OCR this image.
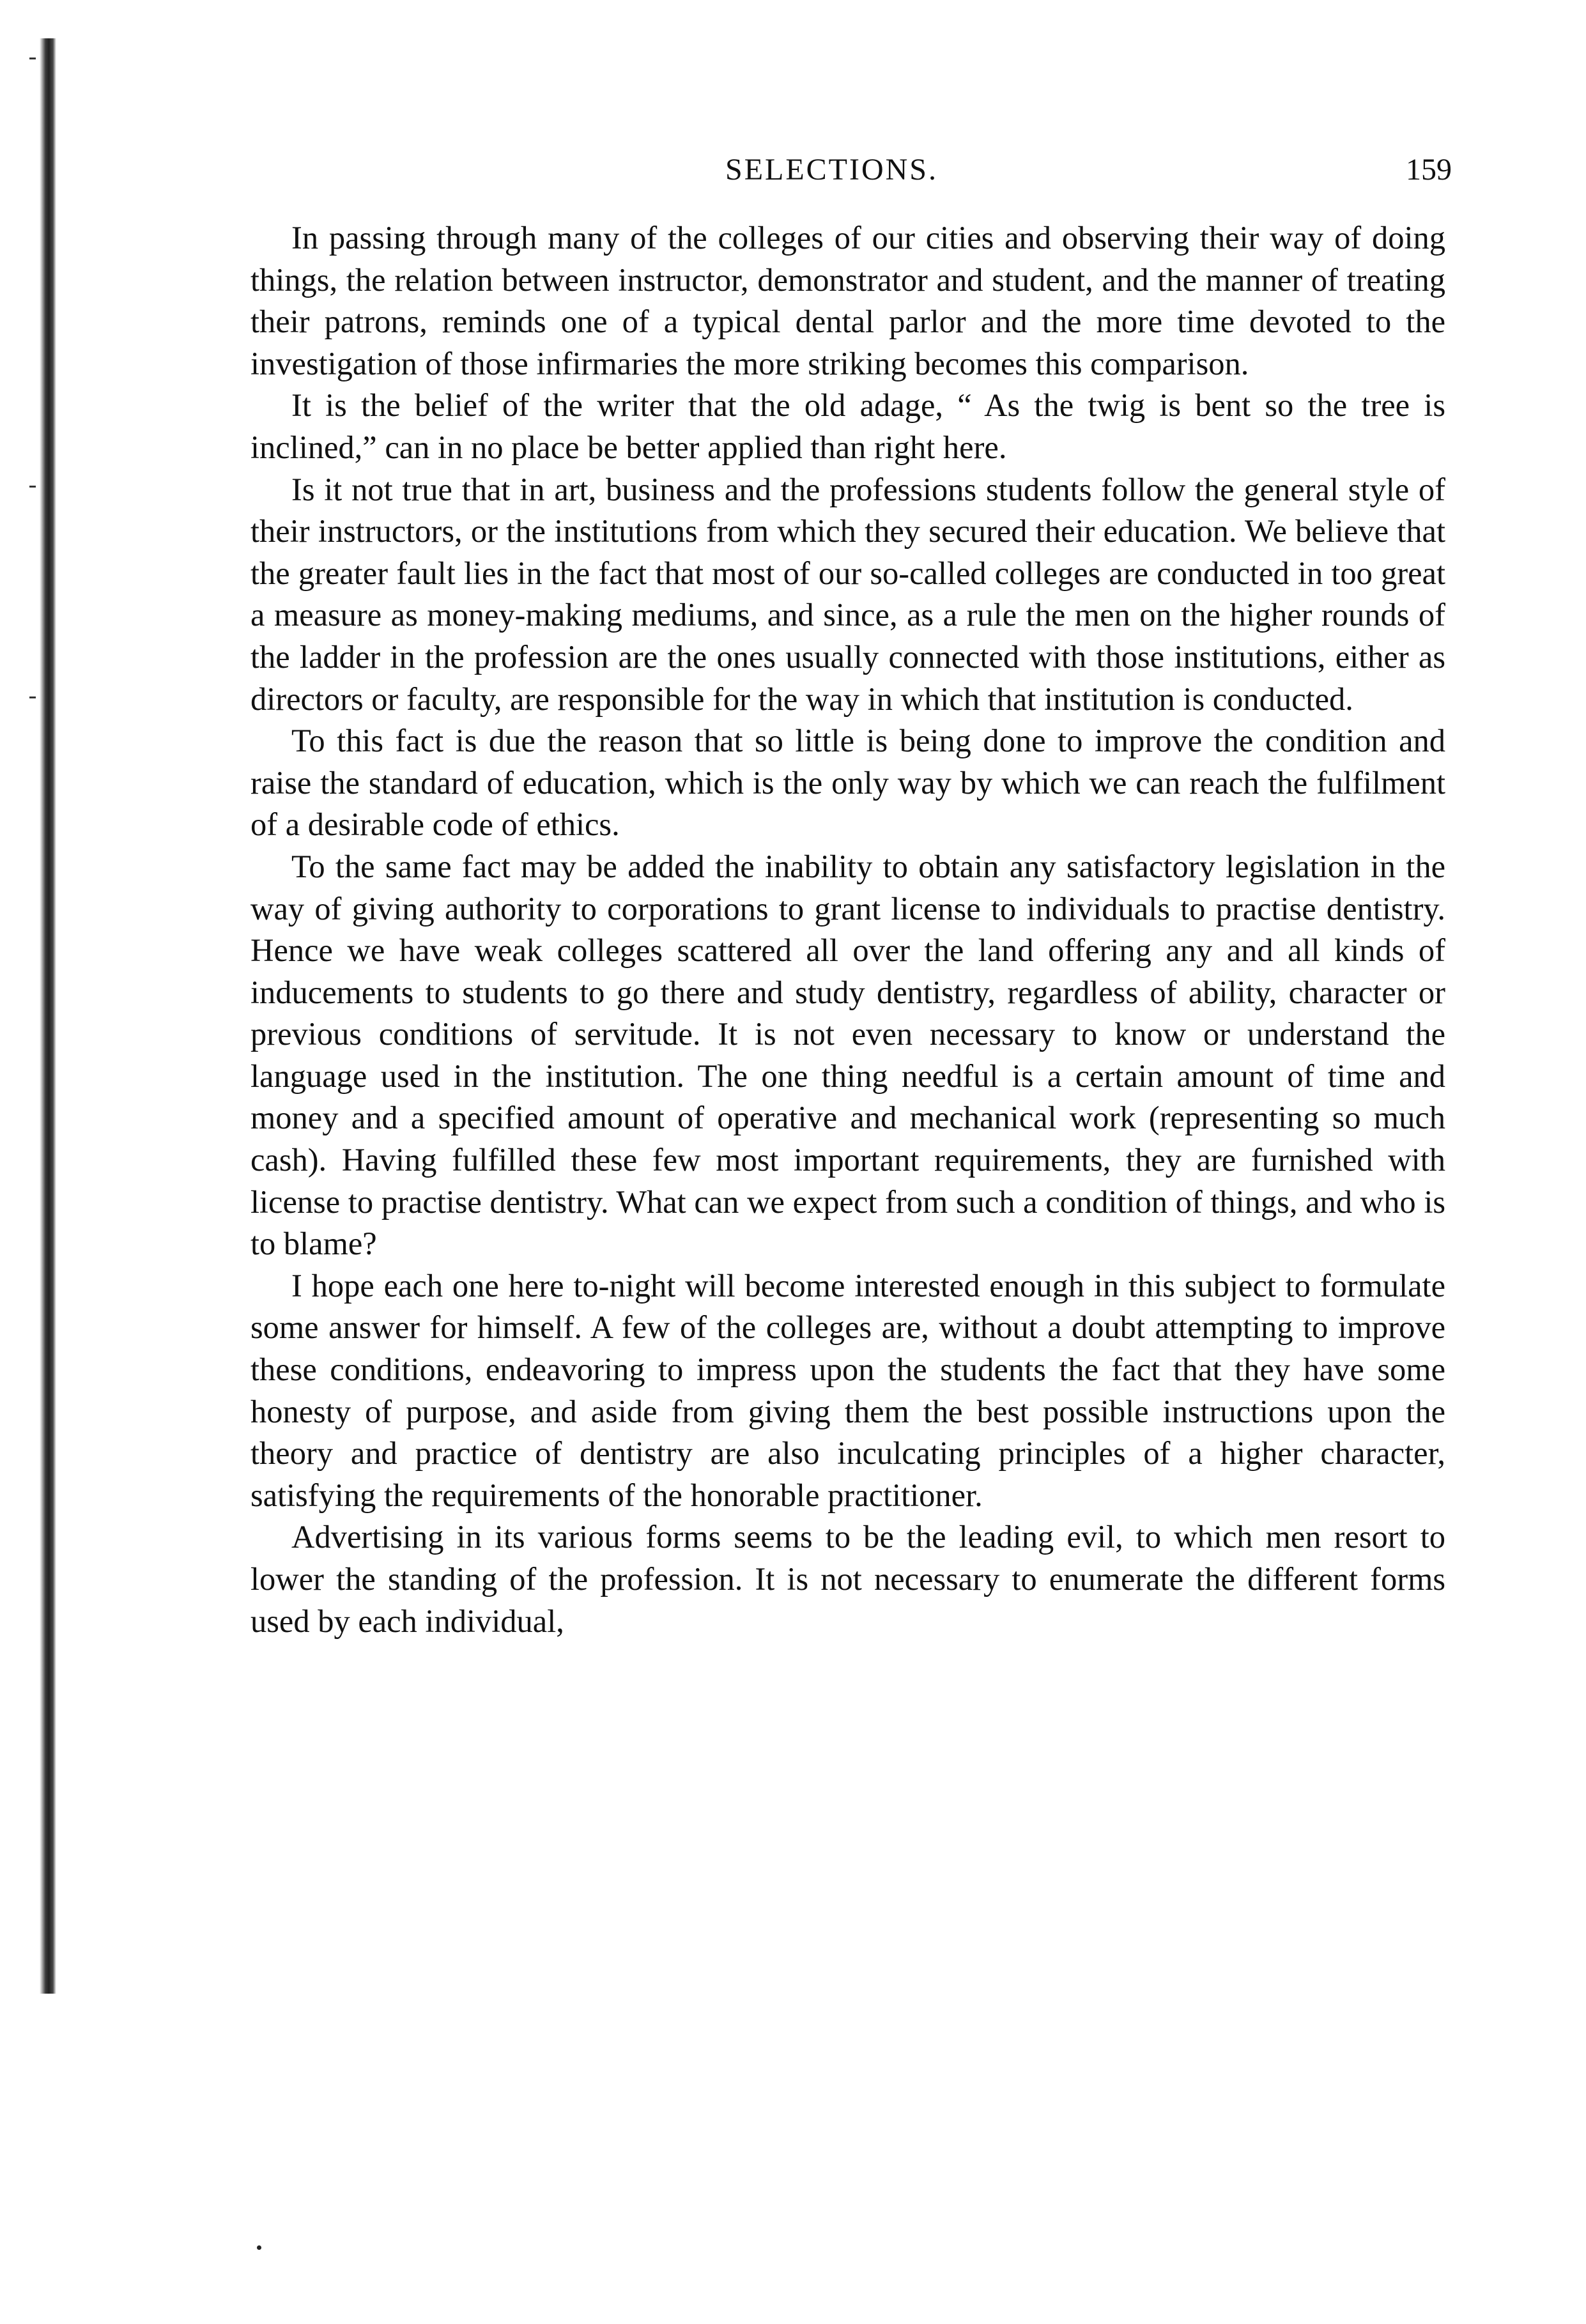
SELECTIONS.	159

In passing through many of the colleges of our cities and observing their way of doing things, the relation between instructor, demonstrator and student, and the manner of treating their patrons, reminds one of a typical dental parlor and the more time devoted to the investigation of those infirmaries the more striking becomes this comparison.

It is the belief of the writer that the old adage, “ As the twig is bent so the tree is inclined,” can in no place be better applied than right here.

Is it not true that in art, business and the professions students follow the general style of their instructors, or the institutions from which they secured their education. We believe that the greater fault lies in the fact that most of our so-called colleges are conducted in too great a measure as money-making mediums, and since, as a rule the men on the higher rounds of the ladder in the profession are the ones usually connected with those institutions, either as directors or faculty, are responsible for the way in which that institution is conducted.

To this fact is due the reason that so little is being done to improve the condition and raise the standard of education, which is the only way by which we can reach the fulfilment of a desirable code of ethics.

To the same fact may be added the inability to obtain any satisfactory legislation in the way of giving authority to corporations to grant license to individuals to practise dentistry. Hence we have weak colleges scattered all over the land offering any and all kinds of inducements to students to go there and study dentistry, regardless of ability, character or previous conditions of servitude. It is not even necessary to know or understand the language used in the institution. The one thing needful is a certain amount of time and money and a specified amount of operative and mechanical work (representing so much cash). Having fulfilled these few most important requirements, they are furnished with license to practise dentistry. What can we expect from such a condition of things, and who is to blame?

I hope each one here to-night will become interested enough in this subject to formulate some answer for himself. A few of the colleges are, without a doubt attempting to improve these conditions, endeavoring to impress upon the students the fact that they have some honesty of purpose, and aside from giving them the best possible instructions upon the theory and practice of dentistry are also inculcating principles of a higher character, satisfying the requirements of the honorable practitioner.

Advertising in its various forms seems to be the leading evil, to which men resort to lower the standing of the profession. It is not necessary to enumerate the different forms used by each individual,
